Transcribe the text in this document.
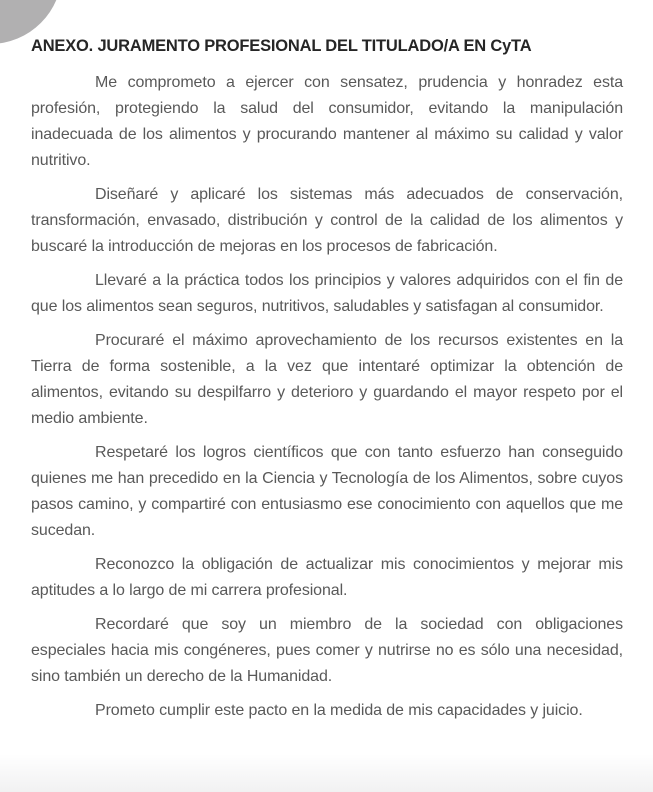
ANEXO. JURAMENTO PROFESIONAL DEL TITULADO/A EN CyTA

Me comprometo a ejercer con sensatez, prudencia y honradez esta profesión, protegiendo la salud del consumidor, evitando la manipulación inadecuada de los alimentos y procurando mantener al máximo su calidad y valor nutritivo.

Diseñaré y aplicaré los sistemas más adecuados de conservación, transformación, envasado, distribución y control de la calidad de los alimentos y buscaré la introducción de mejoras en los procesos de fabricación.

Llevaré a la práctica todos los principios y valores adquiridos con el fin de que los alimentos sean seguros, nutritivos, saludables y satisfagan al consumidor.

Procuraré el máximo aprovechamiento de los recursos existentes en la Tierra de forma sostenible, a la vez que intentaré optimizar la obtención de alimentos, evitando su despilfarro y deterioro y guardando el mayor respeto por el medio ambiente.

Respetaré los logros científicos que con tanto esfuerzo han conseguido quienes me han precedido en la Ciencia y Tecnología de los Alimentos, sobre cuyos pasos camino, y compartiré con entusiasmo ese conocimiento con aquellos que me sucedan.

Reconozco la obligación de actualizar mis conocimientos y mejorar mis aptitudes a lo largo de mi carrera profesional.

Recordaré que soy un miembro de la sociedad con obligaciones especiales hacia mis congéneres, pues comer y nutrirse no es sólo una necesidad, sino también un derecho de la Humanidad.

Prometo cumplir este pacto en la medida de mis capacidades y juicio.
